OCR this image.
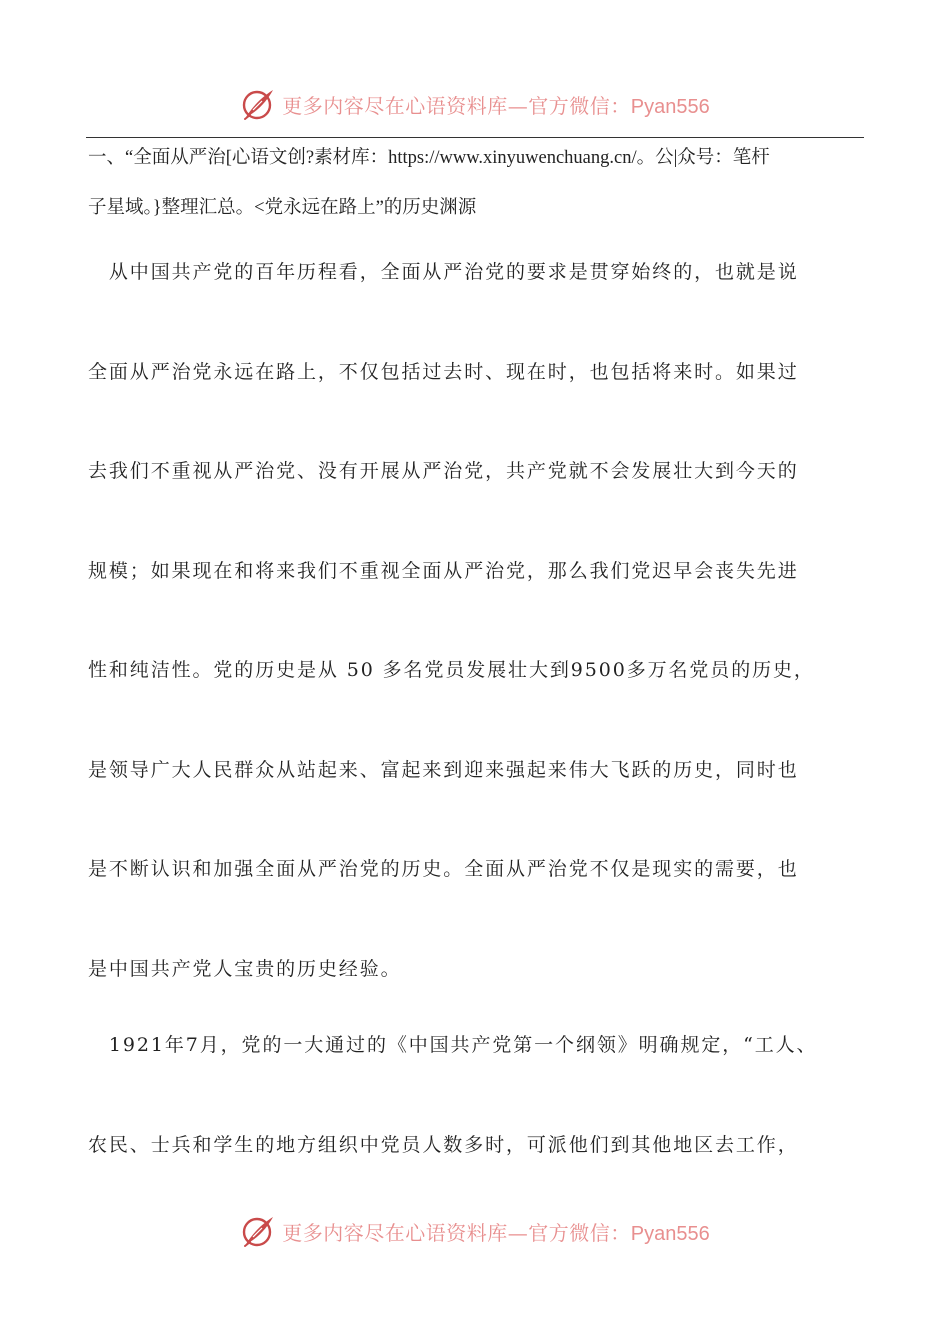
更多内容尽在心语资料库—官方微信：Pyan556
一、“全面从严治[心语文创?素材库：https://www.xinyuwenchuang.cn/。公|众号：笔杆
子星域。}整理汇总。<党永远在路上”的历史渊源
　从中国共产党的百年历程看，全面从严治党的要求是贯穿始终的，也就是说
全面从严治党永远在路上，不仅包括过去时、现在时，也包括将来时。如果过
去我们不重视从严治党、没有开展从严治党，共产党就不会发展壮大到今天的
规模；如果现在和将来我们不重视全面从严治党，那么我们党迟早会丧失先进
性和纯洁性。党的历史是从 50 多名党员发展壮大到9500多万名党员的历史，
是领导广大人民群众从站起来、富起来到迎来强起来伟大飞跃的历史，同时也
是不断认识和加强全面从严治党的历史。全面从严治党不仅是现实的需要，也
是中国共产党人宝贵的历史经验。
　1921年7月，党的一大通过的《中国共产党第一个纲领》明确规定，“工人、
农民、士兵和学生的地方组织中党员人数多时，可派他们到其他地区去工作，
更多内容尽在心语资料库—官方微信：Pyan556
